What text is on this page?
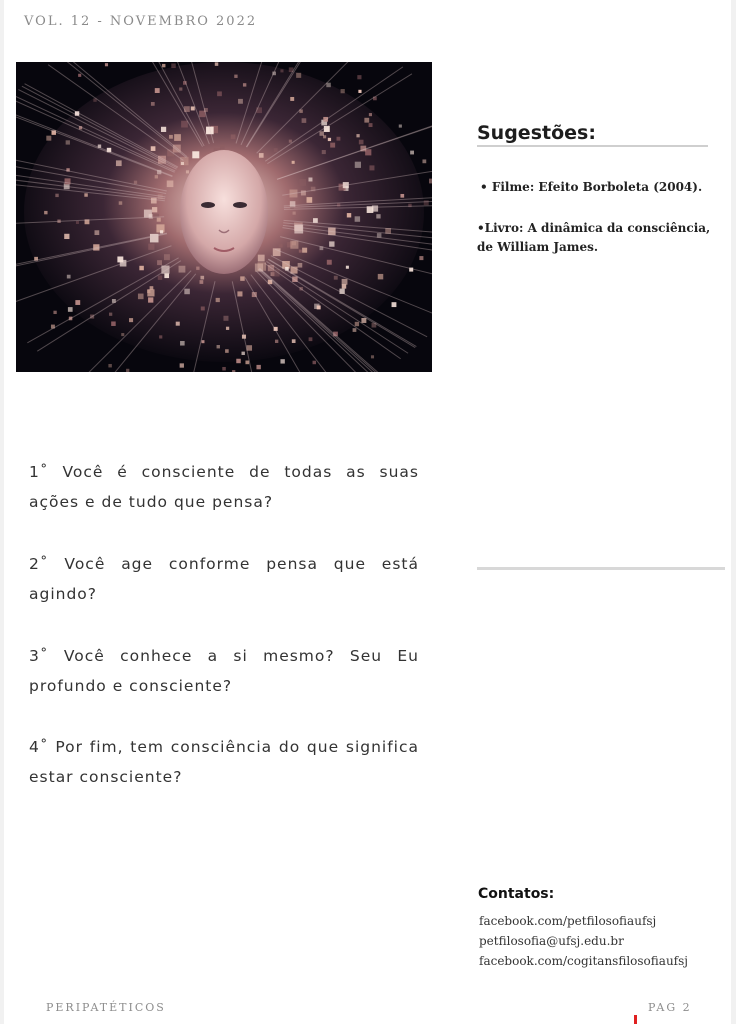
VOL. 12 - NOVEMBRO 2022
Sugestões:
• Filme: Efeito Borboleta (2004).
•Livro: A dinâmica da consciência,
de William James.
1˚ Você é consciente de todas as suas ações e de tudo que pensa?
2˚ Você age conforme pensa que está agindo?
3˚ Você conhece a si mesmo? Seu Eu profundo e consciente?
4˚ Por fim, tem consciência do que significa estar consciente?
Contatos:
facebook.com/petfilosofiaufsj
petfilosofia@ufsj.edu.br
facebook.com/cogitansfilosofiaufsj
PERIPATÉTICOS	PAG 2
